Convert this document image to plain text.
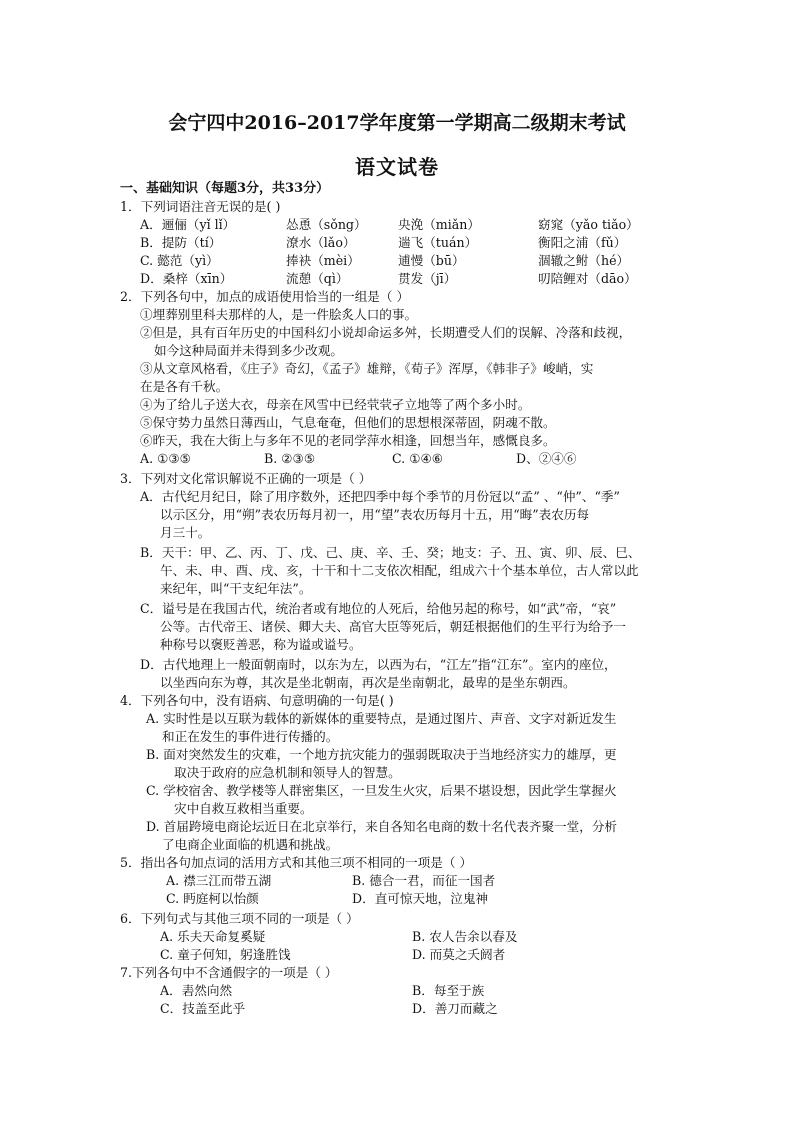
会宁四中2016–2017学年度第一学期高二级期末考试
语文试卷
一、基础知识（每题3分，共33分）
1．下列词语注音无误的是( )
A．逦俪（yǐ lǐ）	怂恿（sǒng） 央浼（miǎn）	窈窕（yǎo tiǎo）
B．提防（tí）	潦水（lǎo）	遄飞（tuán）	衡阳之浦（fǔ）
C. 懿范（yì）	捧袂（mèi）	逋慢（bū）	涸辙之鲋（hé）
D．桑梓（xīn）	流憩（qì）	贯发（jī）	叨陪鲤对（dāo）
2．下列各句中，加点的成语使用恰当的一组是（ ）
①埋葬别里科夫那样的人，是一件脍炙人口的事。
②但是，具有百年历史的中国科幻小说却命运多舛，长期遭受人们的误解、冷落和歧视，
如今这种局面并未得到多少改观。
③从文章风格看，《庄子》奇幻，《孟子》雄辩，《荀子》浑厚，《韩非子》峻峭，实
在是各有千秋。
④为了给儿子送大衣，母亲在风雪中已经茕茕孑立地等了两个多小时。
⑤保守势力虽然日薄西山，气息奄奄，但他们的思想根深蒂固，阴魂不散。
⑥昨天，我在大街上与多年不见的老同学萍水相逢，回想当年，感慨良多。
A. ①③⑤	B. ②③⑤	C. ①④⑥	D、②④⑥
3．下列对文化常识解说不正确的一项是（ ）
A．古代纪月纪日，除了用序数外，还把四季中每个季节的月份冠以“孟” 、“仲”、“季”
以示区分，用“朔”表农历每月初一，用“望”表农历每月十五，用“晦”表农历每
月三十。
B．天干：甲、乙、丙、丁、戊、己、庚、辛、壬、癸；地支：子、丑、寅、卯、辰、巳、
午、未、申、酉、戌、亥，十干和十二支依次相配，组成六十个基本单位，古人常以此
来纪年，叫“干支纪年法”。
C．谥号是在我国古代，统治者或有地位的人死后，给他另起的称号，如“武”帝，“哀”
公等。古代帝王、诸侯、卿大夫、高官大臣等死后，朝廷根据他们的生平行为给予一
种称号以褒贬善恶，称为谥或谥号。
D．古代地理上一般面朝南时，以东为左，以西为右，“江左”指“江东”。室内的座位，
以坐西向东为尊，其次是坐北朝南，再次是坐南朝北，最卑的是坐东朝西。
4．下列各句中，没有语病、句意明确的一句是( )
A. 实时性是以互联为载体的新媒体的重要特点，是通过图片、声音、文字对新近发生
和正在发生的事件进行传播的。
B. 面对突然发生的灾难，一个地方抗灾能力的强弱既取决于当地经济实力的雄厚，更
取决于政府的应急机制和领导人的智慧。
C. 学校宿舍、教学楼等人群密集区，一旦发生火灾，后果不堪设想，因此学生掌握火
灾中自救互救相当重要。
D. 首届跨境电商论坛近日在北京举行，来自各知名电商的数十名代表齐聚一堂，分析
了电商企业面临的机遇和挑战。
5．指出各句加点词的活用方式和其他三项不相同的一项是（ ）
A. 襟三江而带五湖	B. 德合一君，而征一国者
C. 眄庭柯以怡颜	D．直可惊天地，泣鬼神
6．下列句式与其他三项不同的一项是（ ）
A. 乐夫天命复奚疑	B. 农人告余以春及
C. 童子何知，躬逢胜饯	D. 而莫之夭阏者
7.下列各句中不含通假字的一项是（ ）
A．砉然向然	B．每至于族
C．技盖至此乎	D．善刀而藏之
